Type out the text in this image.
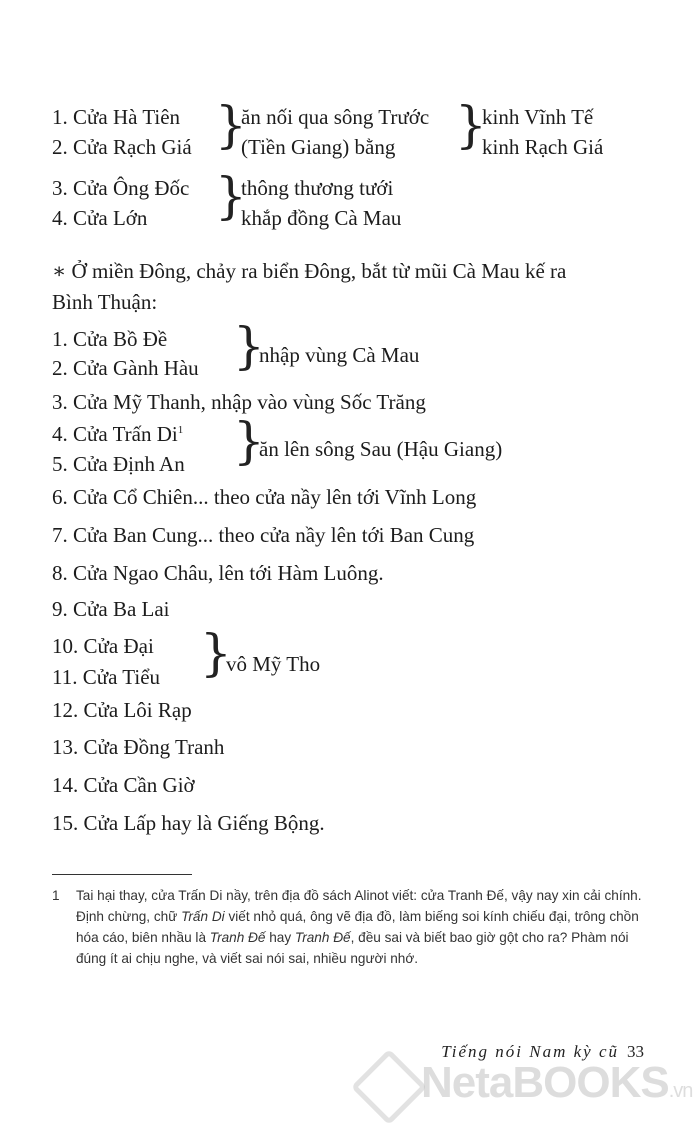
1. Cửa Hà Tiên
2. Cửa Rạch Giá }
ăn nối qua sông Trước
(Tiền Giang) bằng }
kinh Vĩnh Tế
kinh Rạch Giá
3. Cửa Ông Đốc
4. Cửa Lớn }
thông thương tưới
khắp đồng Cà Mau
∗ Ở miền Đông, chảy ra biển Đông, bắt từ mũi Cà Mau kế ra
Bình Thuận:
1. Cửa Bồ Đề
2. Cửa Gành Hàu }
nhập vùng Cà Mau
3. Cửa Mỹ Thanh, nhập vào vùng Sốc Trăng
4. Cửa Trấn Di$^1$
5. Cửa Định An }
ăn lên sông Sau (Hậu Giang)
6. Cửa Cổ Chiên... theo cửa nầy lên tới Vĩnh Long
7. Cửa Ban Cung... theo cửa nầy lên tới Ban Cung
8. Cửa Ngao Châu, lên tới Hàm Luông.
9. Cửa Ba Lai
10. Cửa Đại
11. Cửa Tiểu }
vô Mỹ Tho
12. Cửa Lôi Rạp
13. Cửa Đồng Tranh
14. Cửa Cần Giờ
15. Cửa Lấp hay là Giếng Bộng.
1	Tai hại thay, cửa Trấn Di nầy, trên địa đồ sách Alinot viết: cửa Tranh Đế, vậy nay xin cải chính. Định chừng, chữ Trấn Di viết nhỏ quá, ông vẽ địa đồ, làm biếng soi kính chiếu đại, trông chồn hóa cáo, biên nhầu là Tranh Đế hay Tranh Đế, đều sai và biết bao giờ gột cho ra? Phàm nói đúng ít ai chịu nghe, và viết sai nói sai, nhiều người nhớ.
NetaBOOKS.vn
Tiếng nói Nam kỳ cũ 33
